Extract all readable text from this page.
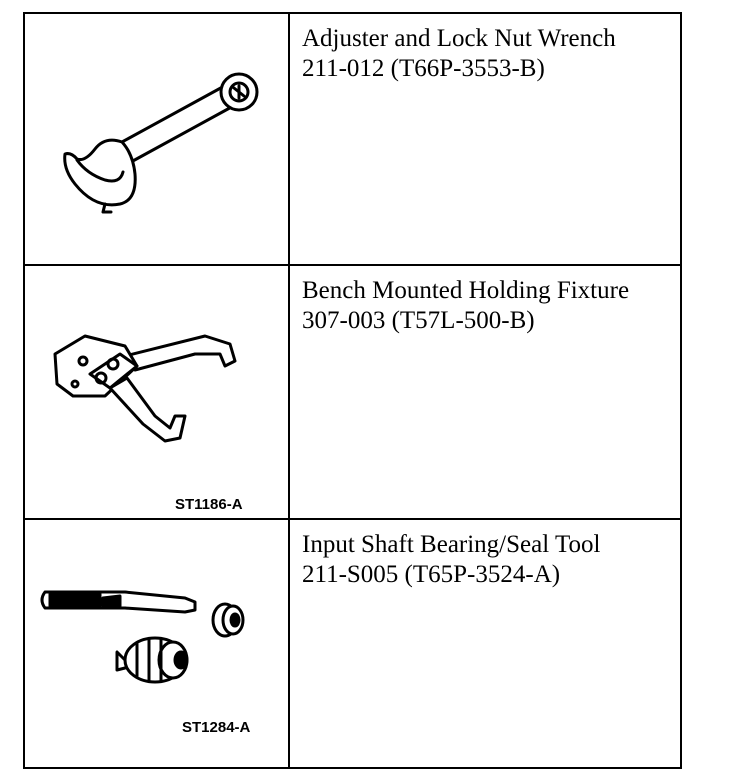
Adjuster and Lock Nut Wrench
211-012 (T66P-3553-B)
ST1186-A
Bench Mounted Holding Fixture
307-003 (T57L-500-B)
ST1284-A
Input Shaft Bearing/Seal Tool
211-S005 (T65P-3524-A)
